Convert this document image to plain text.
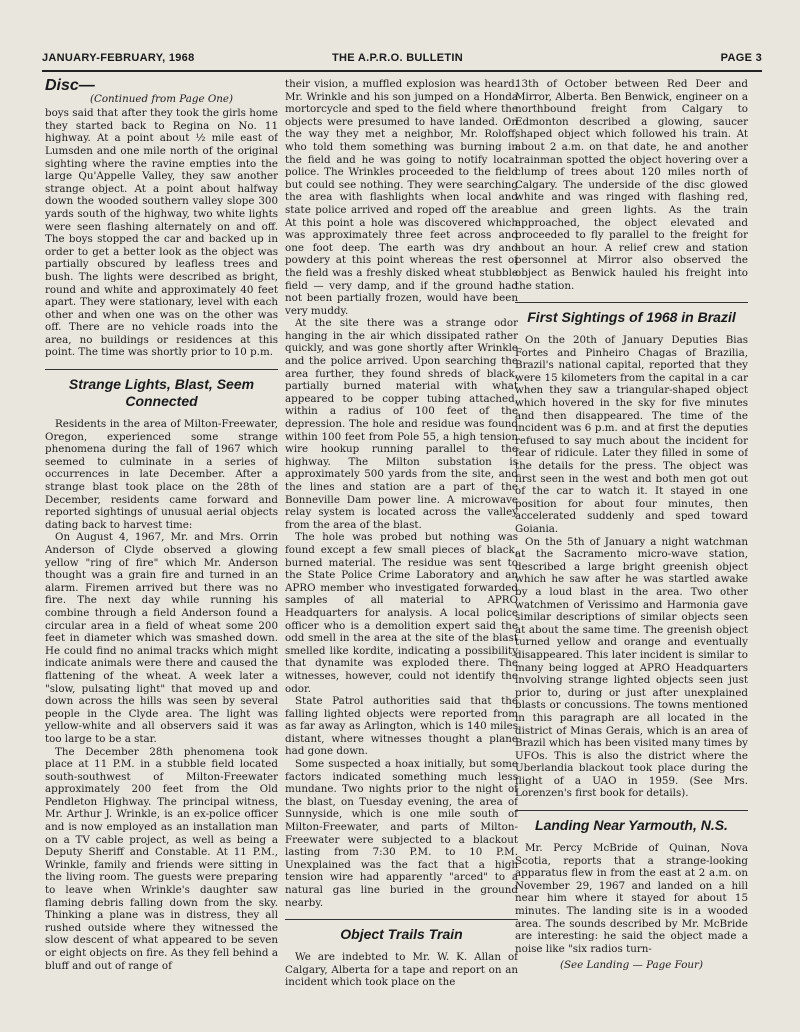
JANUARY-FEBRUARY, 1968	THE A.P.R.O. BULLETIN	PAGE 3
Disc—
(Continued from Page One)

boys said that after they took the girls home they started back to Regina on No. 11 highway. At a point about ½ mile east of Lumsden and one mile north of the original sighting where the ravine empties into the large Qu'Appelle Valley, they saw another strange object. At a point about halfway down the wooded southern valley slope 300 yards south of the highway, two white lights were seen flashing alternately on and off. The boys stopped the car and backed up in order to get a better look as the object was partially obscured by leafless trees and bush. The lights were described as bright, round and white and approximately 40 feet apart. They were stationary, level with each other and when one was on the other was off. There are no vehicle roads into the area, no buildings or residences at this point. The time was shortly prior to 10 p.m.

Strange Lights, Blast, Seem Connected

Residents in the area of Milton-Freewater, Oregon, experienced some strange phenomena during the fall of 1967 which seemed to culminate in a series of occurrences in late December. After a strange blast took place on the 28th of December, residents came forward and reported sightings of unusual aerial objects dating back to harvest time:

On August 4, 1967, Mr. and Mrs. Orrin Anderson of Clyde observed a glowing yellow "ring of fire" which Mr. Anderson thought was a grain fire and turned in an alarm. Firemen arrived but there was no fire. The next day while running his combine through a field Anderson found a circular area in a field of wheat some 200 feet in diameter which was smashed down. He could find no animal tracks which might indicate animals were there and caused the flattening of the wheat. A week later a "slow, pulsating light" that moved up and down across the hills was seen by several people in the Clyde area. The light was yellow-white and all observers said it was too large to be a star.

The December 28th phenomena took place at 11 P.M. in a stubble field located south-southwest of Milton-Freewater approximately 200 feet from the Old Pendleton Highway. The principal witness, Mr. Arthur J. Wrinkle, is an ex-police officer and is now employed as an installation man on a TV cable project, as well as being a Deputy Sheriff and Constable. At 11 P.M., Wrinkle, family and friends were sitting in the living room. The guests were preparing to leave when Wrinkle's daughter saw flaming debris falling down from the sky. Thinking a plane was in distress, they all rushed outside where they witnessed the slow descent of what appeared to be seven or eight objects on fire. As they fell behind a bluff and out of range of

their vision, a muffled explosion was heard. Mr. Wrinkle and his son jumped on a Honda mortorcycle and sped to the field where the objects were presumed to have landed. On the way they met a neighbor, Mr. Roloff, who told them something was burning in the field and he was going to notify local police. The Wrinkles proceeded to the field but could see nothing. They were searching the area with flashlights when local and state police arrived and roped off the area. At this point a hole was discovered which was approximately three feet across and one foot deep. The earth was dry and powdery at this point whereas the rest of the field was a freshly disked wheat stubble field — very damp, and if the ground had not been partially frozen, would have been very muddy.

At the site there was a strange odor hanging in the air which dissipated rather quickly, and was gone shortly after Wrinkle and the police arrived. Upon searching the area further, they found shreds of black, partially burned material with what appeared to be copper tubing attached, within a radius of 100 feet of the depression. The hole and residue was found within 100 feet from Pole 55, a high tension wire hookup running parallel to the highway. The Milton substation is approximately 500 yards from the site, and the lines and station are a part of the Bonneville Dam power line. A microwave relay system is located across the valley from the area of the blast.

The hole was probed but nothing was found except a few small pieces of black, burned material. The residue was sent to the State Police Crime Laboratory and an APRO member who investigated forwarded samples of all material to APRO Headquarters for analysis. A local police officer who is a demolition expert said the odd smell in the area at the site of the blast smelled like kordite, indicating a possibility that dynamite was exploded there. The witnesses, however, could not identify the odor.

State Patrol authorities said that the falling lighted objects were reported from as far away as Arlington, which is 140 miles distant, where witnesses thought a plane had gone down.

Some suspected a hoax initially, but some factors indicated something much less mundane. Two nights prior to the night of the blast, on Tuesday evening, the area of Sunnyside, which is one mile south of Milton-Freewater, and parts of Milton-Freewater were subjected to a blackout lasting from 7:30 P.M. to 10 P.M. Unexplained was the fact that a high tension wire had apparently "arced" to a natural gas line buried in the ground nearby.

Object Trails Train

We are indebted to Mr. W. K. Allan of Calgary, Alberta for a tape and report on an incident which took place on the

13th of October between Red Deer and Mirror, Alberta. Ben Benwick, engineer on a northbound freight from Calgary to Edmonton described a glowing, saucer shaped object which followed his train. At about 2 a.m. on that date, he and another trainman spotted the object hovering over a clump of trees about 120 miles north of Calgary. The underside of the disc glowed white and was ringed with flashing red, blue and green lights. As the train approached, the object elevated and proceeded to fly parallel to the freight for about an hour. A relief crew and station personnel at Mirror also observed the object as Benwick hauled his freight into the station.

First Sightings of 1968 in Brazil

On the 20th of January Deputies Bias Fortes and Pinheiro Chagas of Brazilia, Brazil's national capital, reported that they were 15 kilometers from the capital in a car when they saw a triangular-shaped object which hovered in the sky for five minutes and then disappeared. The time of the incident was 6 p.m. and at first the deputies refused to say much about the incident for fear of ridicule. Later they filled in some of the details for the press. The object was first seen in the west and both men got out of the car to watch it. It stayed in one position for about four minutes, then accelerated suddenly and sped toward Goiania.

On the 5th of January a night watchman at the Sacramento micro-wave station, described a large bright greenish object which he saw after he was startled awake by a loud blast in the area. Two other watchmen of Verissimo and Harmonia gave similar descriptions of similar objects seen at about the same time. The greenish object turned yellow and orange and eventually disappeared. This later incident is similar to many being logged at APRO Headquarters involving strange lighted objects seen just prior to, during or just after unexplained blasts or concussions. The towns mentioned in this paragraph are all located in the district of Minas Gerais, which is an area of Brazil which has been visited many times by UFOs. This is also the district where the Uberlandia blackout took place during the flight of a UAO in 1959. (See Mrs. Lorenzen's first book for details).

Landing Near Yarmouth, N.S.

Mr. Percy McBride of Quinan, Nova Scotia, reports that a strange-looking apparatus flew in from the east at 2 a.m. on November 29, 1967 and landed on a hill near him where it stayed for about 15 minutes. The landing site is in a wooded area. The sounds described by Mr. McBride are interesting: he said the object made a noise like "six radios turn-

(See Landing — Page Four)
